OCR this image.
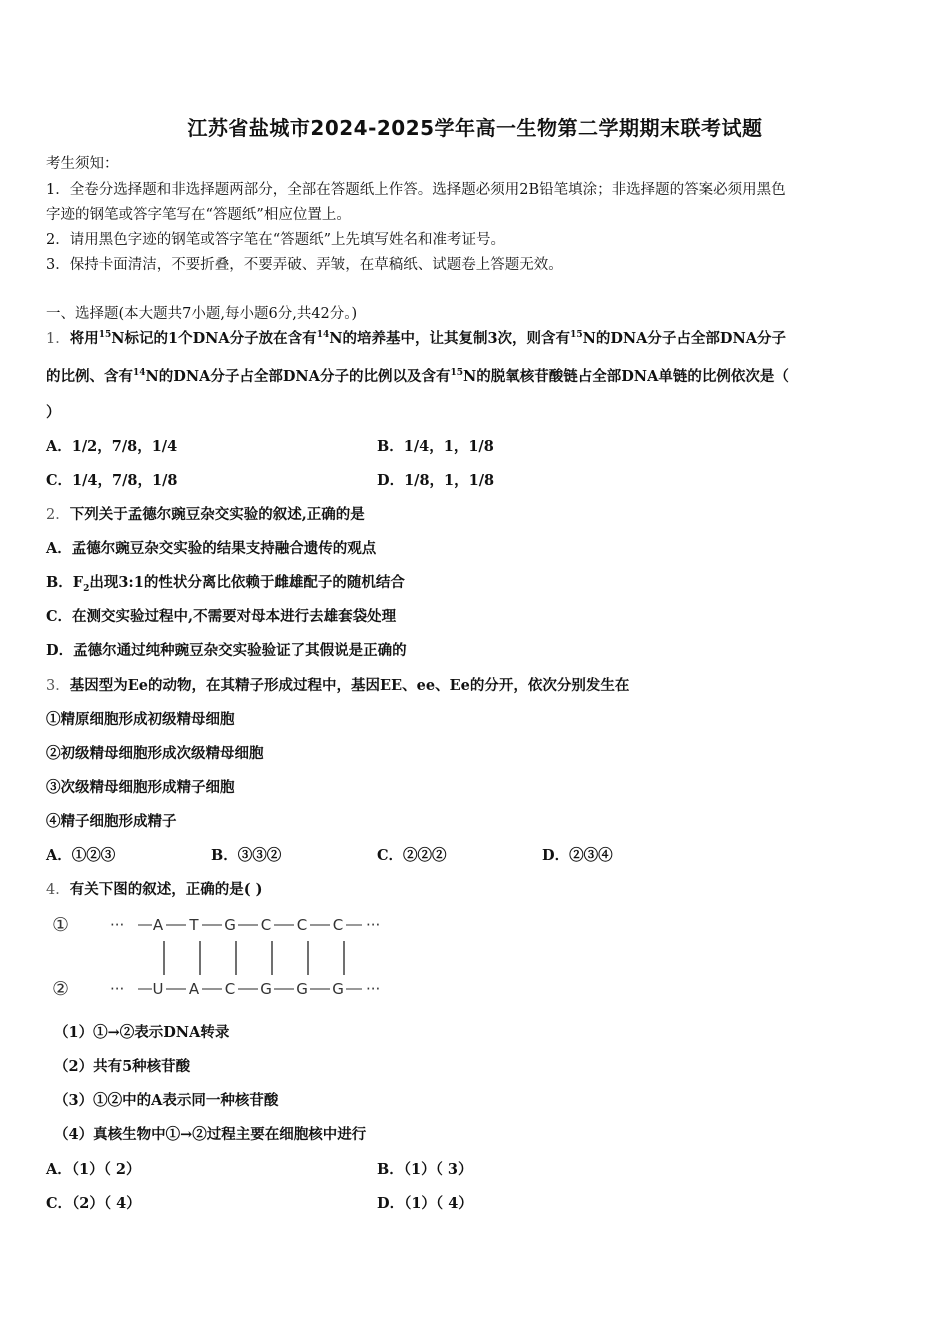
江苏省盐城市2024-2025学年高一生物第二学期期末联考试题
考生须知：
1．全卷分选择题和非选择题两部分，全部在答题纸上作答。选择题必须用2B铅笔填涂；非选择题的答案必须用黑色
字迹的钢笔或答字笔写在“答题纸”相应位置上。
2．请用黑色字迹的钢笔或答字笔在“答题纸”上先填写姓名和准考证号。
3．保持卡面清洁，不要折叠，不要弄破、弄皱，在草稿纸、试题卷上答题无效。
一、选择题(本大题共7小题,每小题6分,共42分。)
1．将用$^{15}$N标记的1个DNA分子放在含有$^{14}$N的培养基中，让其复制3次，则含有$^{15}$N的DNA分子占全部DNA分子
的比例、含有$^{14}$N的DNA分子占全部DNA分子的比例以及含有$^{15}$N的脱氧核苷酸链占全部DNA单链的比例依次是（
）
A．1/2，7/8，1/4	B．1/4，1，1/8
C．1/4，7/8，1/8	D．1/8，1，1/8
2．下列关于孟德尔豌豆杂交实验的叙述,正确的是
A．孟德尔豌豆杂交实验的结果支持融合遗传的观点
B．$F_2$出现3:1的性状分离比依赖于雌雄配子的随机结合
C．在测交实验过程中,不需要对母本进行去雄套袋处理
D．孟德尔通过纯种豌豆杂交实验验证了其假说是正确的
3．基因型为Ee的动物，在其精子形成过程中，基因EE、ee、Ee的分开，依次分别发生在
①精原细胞形成初级精母细胞
②初级精母细胞形成次级精母细胞
③次级精母细胞形成精子细胞
④精子细胞形成精子
A．①②③	B．③③②	C．②②②	D．②③④
4．有关下图的叙述，正确的是( )
①
②
··· A T G C C C ···
··· U A C G G G ···
（1）①→②表示DNA转录
（2）共有5种核苷酸
（3）①②中的A表示同一种核苷酸
（4）真核生物中①→②过程主要在细胞核中进行
A．（1）（ 2）	B．（1）（ 3）
C．（2）（ 4）	D．（1）（ 4）
